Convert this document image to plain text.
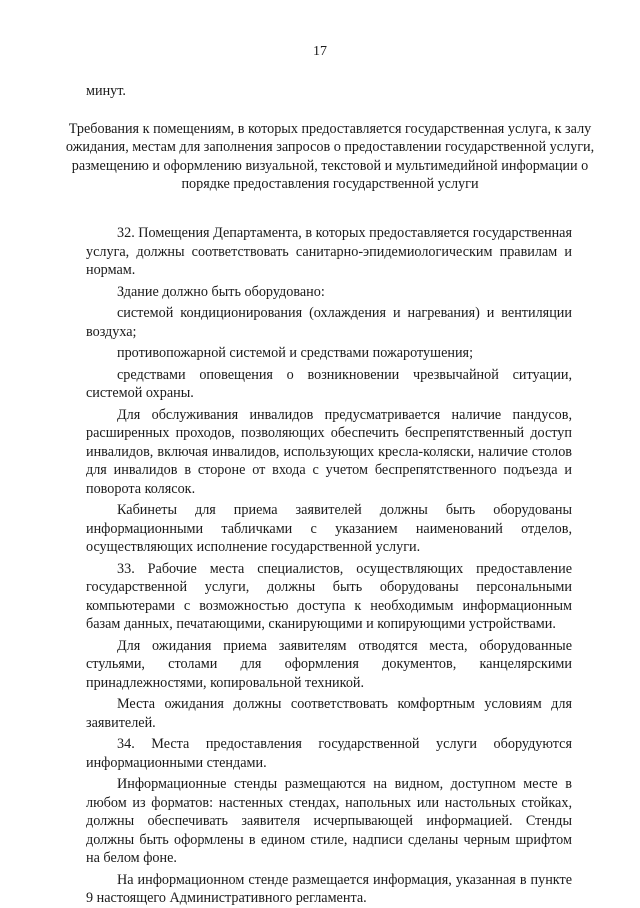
17
минут.
Требования к помещениям, в которых предоставляется государственная услуга, к залу ожидания, местам для заполнения запросов о предоставлении государственной услуги, размещению и оформлению визуальной, текстовой и мультимедийной информации о порядке предоставления государственной услуги

32. Помещения Департамента, в которых предоставляется государственная услуга, должны соответствовать санитарно-эпидемиологическим правилам и нормам.

Здание должно быть оборудовано:

системой кондиционирования (охлаждения и нагревания) и вентиляции воздуха;

противопожарной системой и средствами пожаротушения;

средствами оповещения о возникновении чрезвычайной ситуации, системой охраны.

Для обслуживания инвалидов предусматривается наличие пандусов, расширенных проходов, позволяющих обеспечить беспрепятственный доступ инвалидов, включая инвалидов, использующих кресла-коляски, наличие столов для инвалидов в стороне от входа с учетом беспрепятственного подъезда и поворота колясок.

Кабинеты для приема заявителей должны быть оборудованы информационными табличками с указанием наименований отделов, осуществляющих исполнение государственной услуги.

33. Рабочие места специалистов, осуществляющих предоставление государственной услуги, должны быть оборудованы персональными компьютерами с возможностью доступа к необходимым информационным базам данных, печатающими, сканирующими и копирующими устройствами.

Для ожидания приема заявителям отводятся места, оборудованные стульями, столами для оформления документов, канцелярскими принадлежностями, копировальной техникой.

Места ожидания должны соответствовать комфортным условиям для заявителей.

34. Места предоставления государственной услуги оборудуются информационными стендами.

Информационные стенды размещаются на видном, доступном месте в любом из форматов: настенных стендах, напольных или настольных стойках, должны обеспечивать заявителя исчерпывающей информацией. Стенды должны быть оформлены в едином стиле, надписи сделаны черным шрифтом на белом фоне.

На информационном стенде размещается информация, указанная в пункте 9 настоящего Административного регламента.
